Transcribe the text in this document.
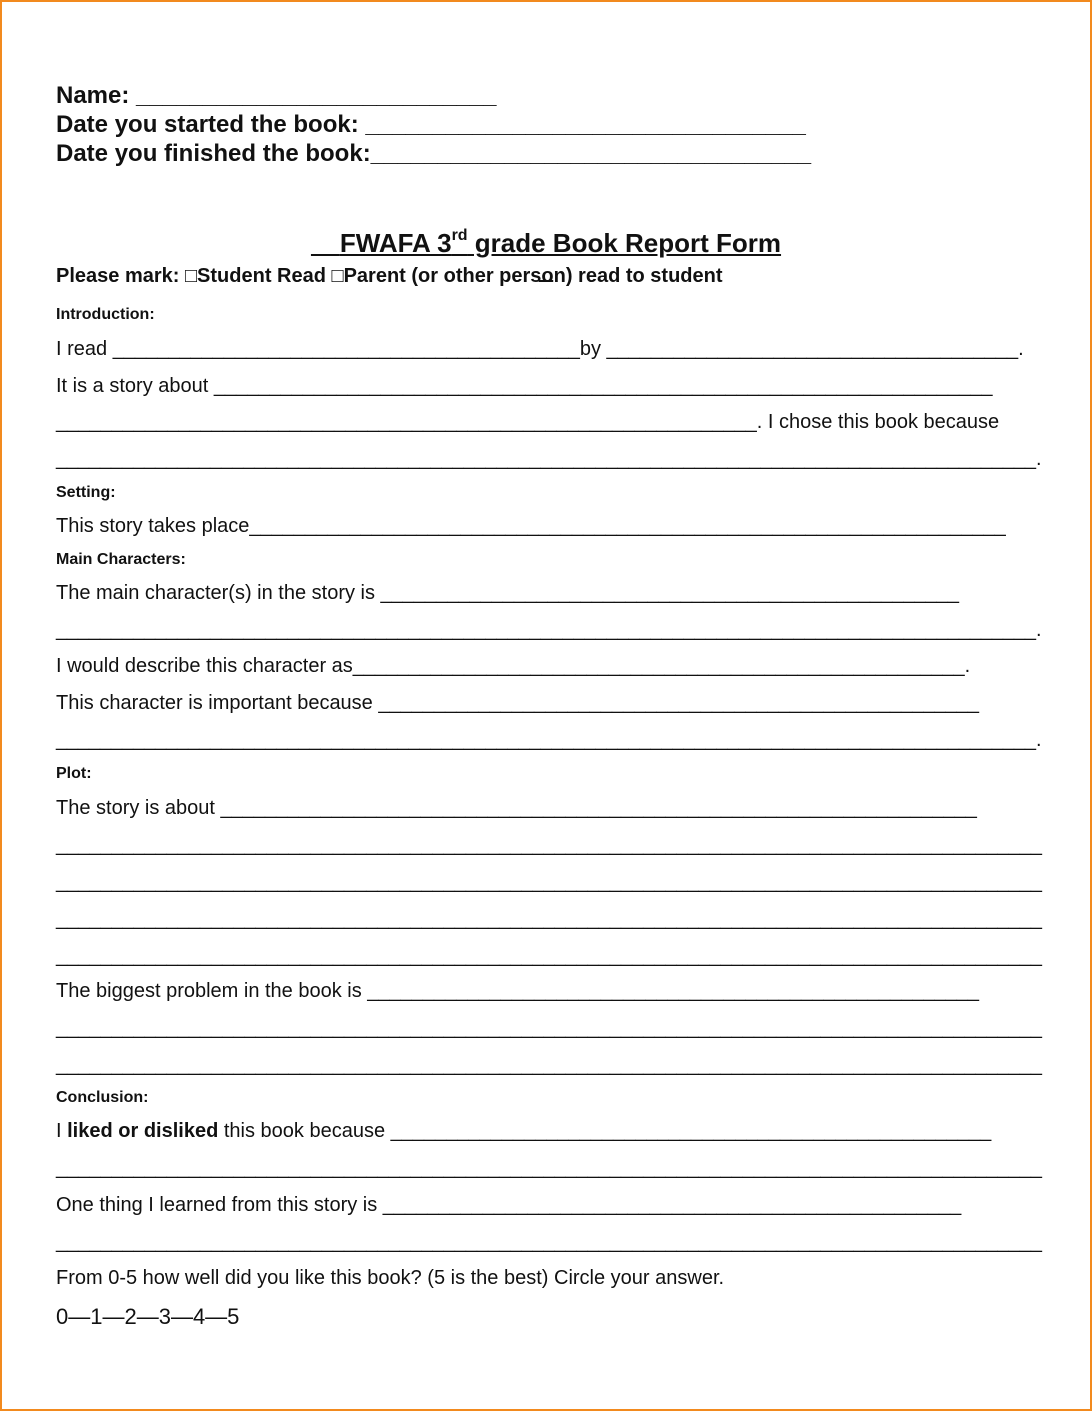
Name: ___________________________
Date you started the book: _________________________________
Date you finished the book:_________________________________

FWAFA 3rd grade Book Report Form

Please mark: □Student Read □Parent (or other person) read to student
Introduction:
I read __________________________________________by _____________________________________.
It is a story about ______________________________________________________________________
_______________________________________________________________. I chose this book because
_________________________________________________________________________________________.
Setting:
This story takes place____________________________________________________________________
Main Characters:
The main character(s) in the story is ____________________________________________________
_________________________________________________________________________________________.
I would describe this character as_______________________________________________________.
This character is important because ______________________________________________________
_________________________________________________________________________________________.
Plot:
The story is about ____________________________________________________________________
_________________________________________________________________________________________
_________________________________________________________________________________________
_________________________________________________________________________________________
_________________________________________________________________________________________
The biggest problem in the book is _______________________________________________________
_________________________________________________________________________________________
_________________________________________________________________________________________
Conclusion:
I liked or disliked this book because ______________________________________________________
_________________________________________________________________________________________
One thing I learned from this story is ____________________________________________________
_________________________________________________________________________________________
From 0-5 how well did you like this book? (5 is the best) Circle your answer.
0—1—2—3—4—5
